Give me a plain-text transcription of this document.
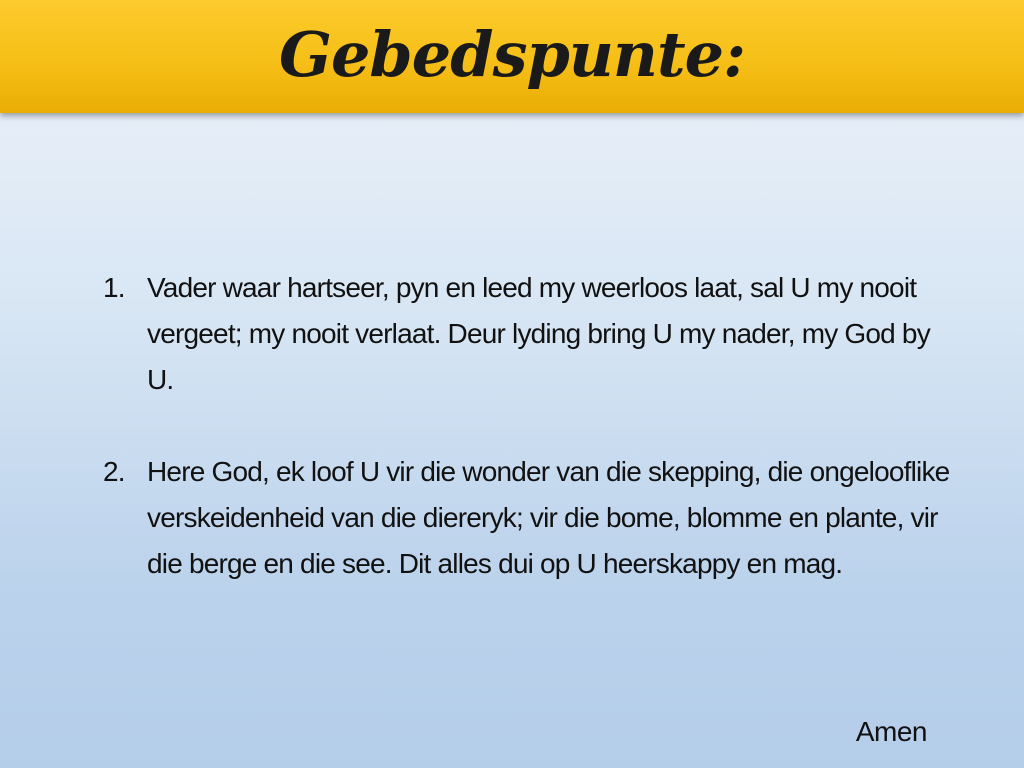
Gebedspunte:
1. Vader waar hartseer, pyn en leed my weerloos laat, sal U my nooit vergeet; my nooit verlaat. Deur lyding bring U my nader, my God by U.
2. Here God, ek loof U vir die wonder van die skepping, die ongelooflike verskeidenheid van die diereryk; vir die bome, blomme en plante, vir die berge en die see. Dit alles dui op U heerskappy en mag.
Amen
